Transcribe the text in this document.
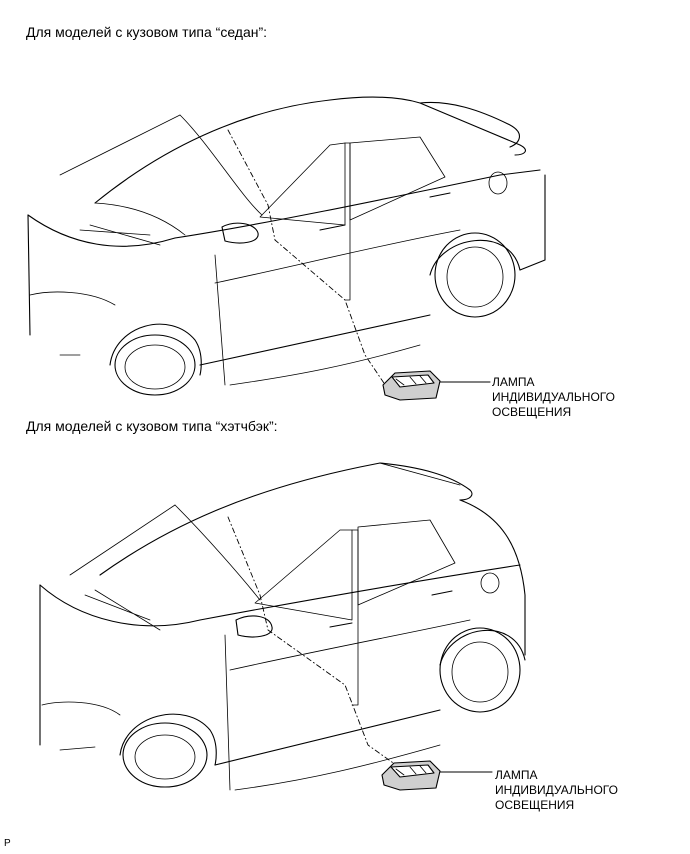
Для моделей с кузовом типа “седан”:
ЛАМПА
ИНДИВИДУАЛЬНОГО
ОСВЕЩЕНИЯ
Для моделей с кузовом типа “хэтчбэк”:
ЛАМПА
ИНДИВИДУАЛЬНОГО
ОСВЕЩЕНИЯ
P
